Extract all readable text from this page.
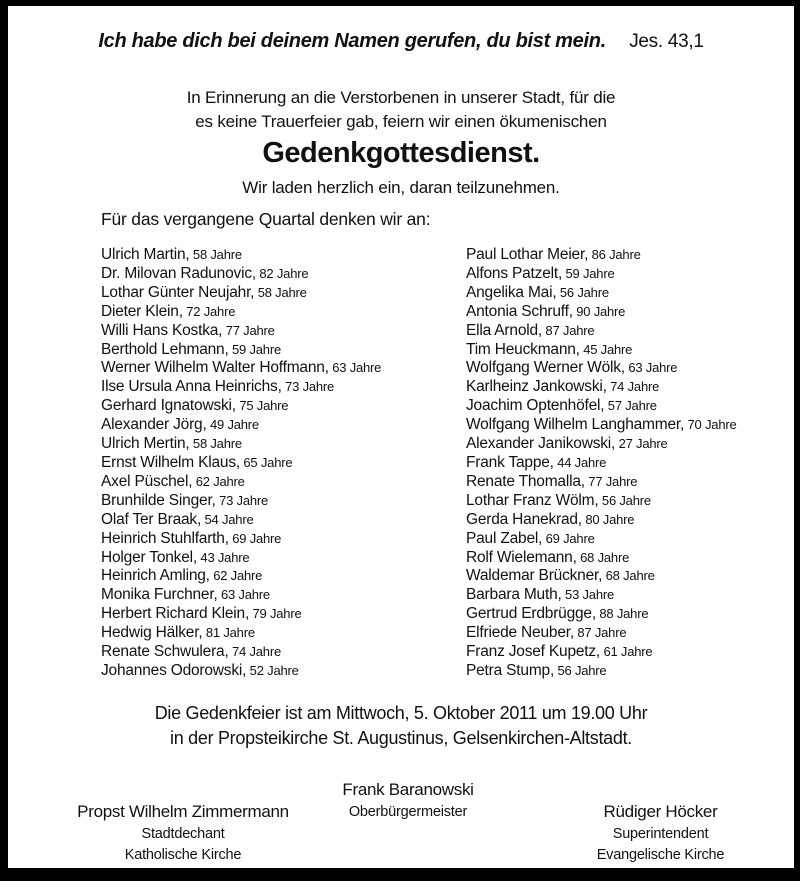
Ich habe dich bei deinem Namen gerufen, du bist mein. Jes. 43,1
In Erinnerung an die Verstorbenen in unserer Stadt, für die
es keine Trauerfeier gab, feiern wir einen ökumenischen
Gedenkgottesdienst.
Wir laden herzlich ein, daran teilzunehmen.
Für das vergangene Quartal denken wir an:
Ulrich Martin, 58 Jahre
Dr. Milovan Radunovic, 82 Jahre
Lothar Günter Neujahr, 58 Jahre
Dieter Klein, 72 Jahre
Willi Hans Kostka, 77 Jahre
Berthold Lehmann, 59 Jahre
Werner Wilhelm Walter Hoffmann, 63 Jahre
Ilse Ursula Anna Heinrichs, 73 Jahre
Gerhard Ignatowski, 75 Jahre
Alexander Jörg, 49 Jahre
Ulrich Mertin, 58 Jahre
Ernst Wilhelm Klaus, 65 Jahre
Axel Püschel, 62 Jahre
Brunhilde Singer, 73 Jahre
Olaf Ter Braak, 54 Jahre
Heinrich Stuhlfarth, 69 Jahre
Holger Tonkel, 43 Jahre
Heinrich Amling, 62 Jahre
Monika Furchner, 63 Jahre
Herbert Richard Klein, 79 Jahre
Hedwig Hälker, 81 Jahre
Renate Schwulera, 74 Jahre
Johannes Odorowski, 52 Jahre
Paul Lothar Meier, 86 Jahre
Alfons Patzelt, 59 Jahre
Angelika Mai, 56 Jahre
Antonia Schruff, 90 Jahre
Ella Arnold, 87 Jahre
Tim Heuckmann, 45 Jahre
Wolfgang Werner Wölk, 63 Jahre
Karlheinz Jankowski, 74 Jahre
Joachim Optenhöfel, 57 Jahre
Wolfgang Wilhelm Langhammer, 70 Jahre
Alexander Janikowski, 27 Jahre
Frank Tappe, 44 Jahre
Renate Thomalla, 77 Jahre
Lothar Franz Wölm, 56 Jahre
Gerda Hanekrad, 80 Jahre
Paul Zabel, 69 Jahre
Rolf Wielemann, 68 Jahre
Waldemar Brückner, 68 Jahre
Barbara Muth, 53 Jahre
Gertrud Erdbrügge, 88 Jahre
Elfriede Neuber, 87 Jahre
Franz Josef Kupetz, 61 Jahre
Petra Stump, 56 Jahre
Die Gedenkfeier ist am Mittwoch, 5. Oktober 2011 um 19.00 Uhr
in der Propsteikirche St. Augustinus, Gelsenkirchen-Altstadt.
Frank Baranowski
Oberbürgermeister
Propst Wilhelm Zimmermann
Stadtdechant
Katholische Kirche
Rüdiger Höcker
Superintendent
Evangelische Kirche
